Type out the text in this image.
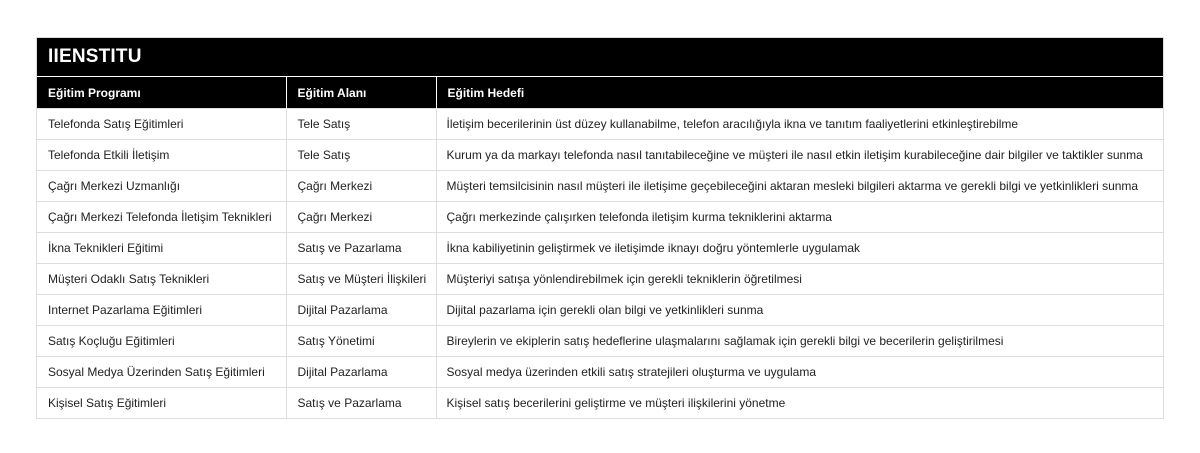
IIENSTITU
Eğitim Programı	Eğitim Alanı	Eğitim Hedefi
Telefonda Satış Eğitimleri	Tele Satış	İletişim becerilerinin üst düzey kullanabilme, telefon aracılığıyla ikna ve tanıtım faaliyetlerini etkinleştirebilme
Telefonda Etkili İletişim	Tele Satış	Kurum ya da markayı telefonda nasıl tanıtabileceğine ve müşteri ile nasıl etkin iletişim kurabileceğine dair bilgiler ve taktikler sunma
Çağrı Merkezi Uzmanlığı	Çağrı Merkezi	Müşteri temsilcisinin nasıl müşteri ile iletişime geçebileceğini aktaran mesleki bilgileri aktarma ve gerekli bilgi ve yetkinlikleri sunma
Çağrı Merkezi Telefonda İletişim Teknikleri	Çağrı Merkezi	Çağrı merkezinde çalışırken telefonda iletişim kurma tekniklerini aktarma
İkna Teknikleri Eğitimi	Satış ve Pazarlama	İkna kabiliyetinin geliştirmek ve iletişimde iknayı doğru yöntemlerle uygulamak
Müşteri Odaklı Satış Teknikleri	Satış ve Müşteri İlişkileri	Müşteriyi satışa yönlendirebilmek için gerekli tekniklerin öğretilmesi
Internet Pazarlama Eğitimleri	Dijital Pazarlama	Dijital pazarlama için gerekli olan bilgi ve yetkinlikleri sunma
Satış Koçluğu Eğitimleri	Satış Yönetimi	Bireylerin ve ekiplerin satış hedeflerine ulaşmalarını sağlamak için gerekli bilgi ve becerilerin geliştirilmesi
Sosyal Medya Üzerinden Satış Eğitimleri	Dijital Pazarlama	Sosyal medya üzerinden etkili satış stratejileri oluşturma ve uygulama
Kişisel Satış Eğitimleri	Satış ve Pazarlama	Kişisel satış becerilerini geliştirme ve müşteri ilişkilerini yönetme
